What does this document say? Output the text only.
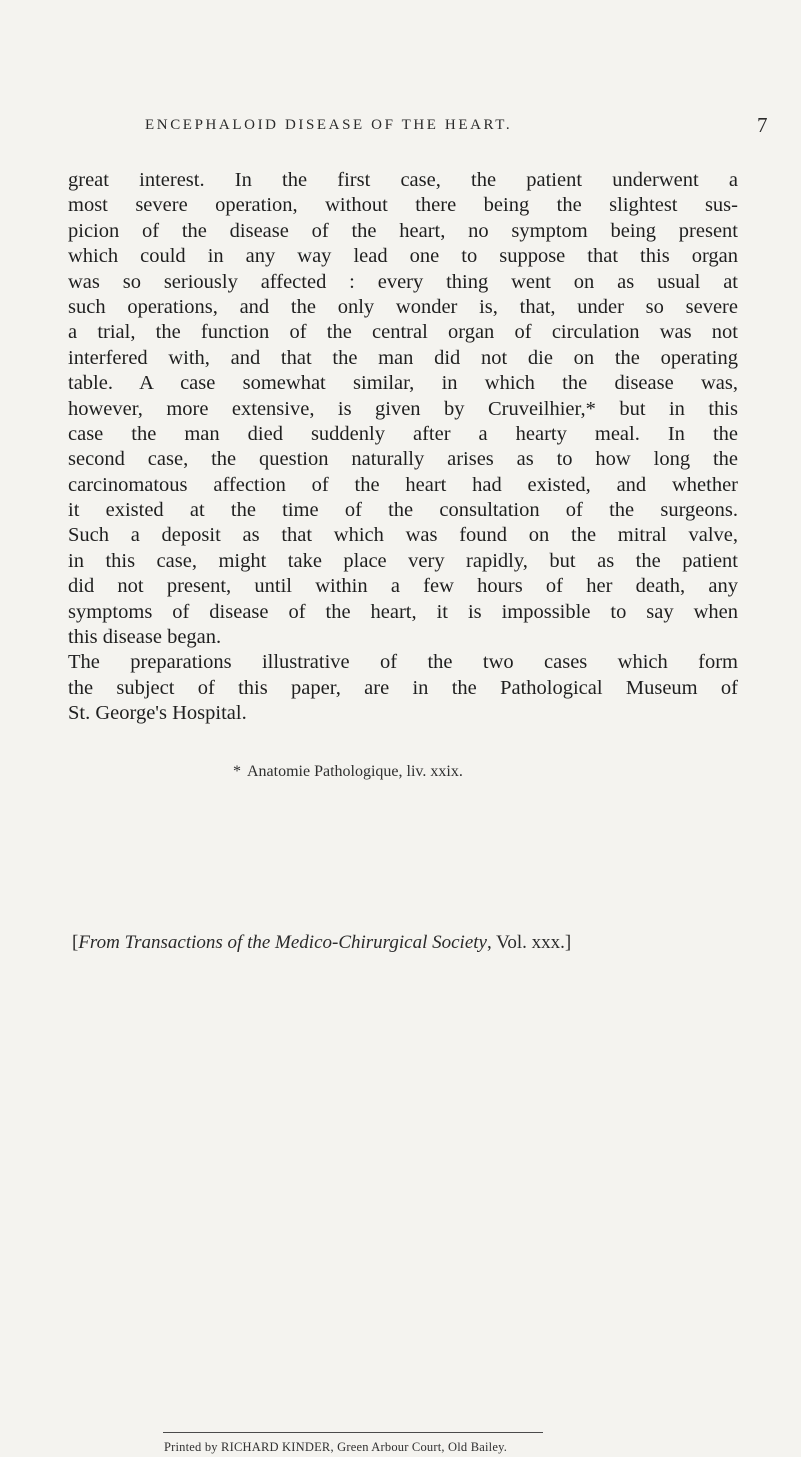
ENCEPHALOID DISEASE OF THE HEART.	7
great interest. In the first case, the patient underwent a
most severe operation, without there being the slightest sus-
picion of the disease of the heart, no symptom being present
which could in any way lead one to suppose that this organ
was so seriously affected : every thing went on as usual at
such operations, and the only wonder is, that, under so severe
a trial, the function of the central organ of circulation was not
interfered with, and that the man did not die on the operating
table. A case somewhat similar, in which the disease was,
however, more extensive, is given by Cruveilhier,* but in this
case the man died suddenly after a hearty meal. In the
second case, the question naturally arises as to how long the
carcinomatous affection of the heart had existed, and whether
it existed at the time of the consultation of the surgeons.
Such a deposit as that which was found on the mitral valve,
in this case, might take place very rapidly, but as the patient
did not present, until within a few hours of her death, any
symptoms of disease of the heart, it is impossible to say when
this disease began.
The preparations illustrative of the two cases which form
the subject of this paper, are in the Pathological Museum of
St. George's Hospital.
* Anatomie Pathologique, liv. xxix.
[From Transactions of the Medico-Chirurgical Society, Vol. xxx.]
Printed by RICHARD KINDER, Green Arbour Court, Old Bailey.
